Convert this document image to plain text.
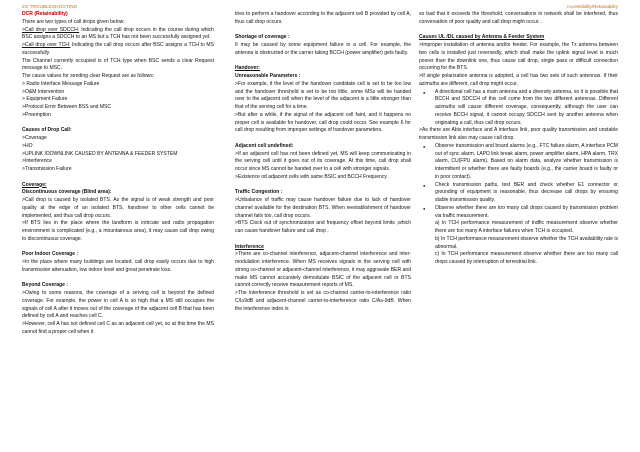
2G TROUBLESHOOTING	Accessibility/Retainability

DCR (Retainability)

There are two types of call drops given below:

>Call drop over SDCCH: Indicating the call drop occurs in the course during which BSC assigns a SDCCH to an MS but a TCH has not been successfully assigned yet.

>Call drop over TCH: Indicating the call drop occurs after BSC assigns a TCH to MS successfully.

The Channel currently occupied is of TCH type when BSC sends a clear Request message to MSC.

The cause values for sending clear Request are as follows:

> Radio Interface Message Failure

>O&M Intervention

> Equipment Failure

>Protocol Error Between BSS and MSC

>Preemption

Causes of Drop Call:

>Coverage

>HO

>UPLINK /DOWNLINK CAUSED BY ANTENNA & FEEDER SYSTEM

>Interference

>Transmission Failure

Coverage:

Discontinuous coverage (Blind area):

>Call drop is caused by isolated BTS. As the signal is of weak strength and poor quality at the edge of an isolated BTS, handover to other cells cannot be implemented, and thus call drop occurs.

>If BTS lies in the place where the landform is intricate and radio propagation environment is complicated (e.g., a mountainous area), it may cause call drop owing to discontinuous coverage.

Poor Indoor Coverage :

>In the place where many buildings are located, call drop easily occurs due to high transmission attenuation, low indoor level and great penetrate loss.

Beyond Coverage :

>Owing to some reasons, the coverage of a serving cell is beyond the defined coverage. For example, the power in cell A is so high that a MS still occupies the signals of cell A after it moves out of the coverage of the adjacent cell B that has been defined by cell A and reaches cell C.

>However, cell A has not defined cell C as an adjacent cell yet, so at this time the MS cannot find a proper cell when it

tries to perform a handover according to the adjacent cell B provided by cell A, thus call drop occurs.

Shortage of coverage :

It may be caused by some equipment failure in a cell. For example, the antenna is obstructed or the carrier taking BCCH (power amplifier) gets faulty.

Handover:

Unreasonable Parameters :

>For example, if the level of the handover candidate cell is set to be too low and the handover threshold is set to be too little, some MSs will be handed over to the adjacent cell when the level of the adjacent is a little stronger than that of the serving cell for a time.

>But after a while, if the signal of the adjacent cell faint, and it happens no proper cell is available for handover, call drop could occur. See example 6 for call drop resulting from improper settings of handover parameters.

Adjacent cell undefined:

>If an adjacent cell has not been defined yet, MS will keep communicating in the serving cell until it goes out of its coverage. At this time, call drop shall occur since MS cannot be handed over to a cell with stronger signals.

>Existence od adjacent cells with same BSIC and BCCH Frequency .

Traffic Congestion :

>Unbalance of traffic may cause handover failure due to lack of handover channel available for the destination BTS. When reestablishment of handover channel fails too, call drop occurs.

>BTS Clock out of synchronization and frequency offset beyond limits ,which can cause handover failure and call drop .

Interference

>There are co-channel interference, adjacent-channel interference and inter-modulation interference. When MS receives signals in the serving cell with strong co-channel or adjacent-channel interference, it may aggravate BER and make MS cannot accurately demodulate BSIC of the adjacent cell or BTS cannot correctly receive measurement reports of MS.

>The interference threshold is set as co-channel carrier-to-interference ratio C/I≥9dB and adjacent-channel carrier-to-interference ratio C/A≥-9dB. When the interference index is

so bad that it exceeds the threshold, conversations in network shall be interfered, thus conversation of poor quality and call drop might occur. .

Causes UL /DL caused by Antenna & Feeder System

>Improper installation of antenna and/or feeder. For example, the Tx antenna between two cells is installed just reversedly, which shall make the uplink signal level is much poorer than the downlink one, thus cause call drop, single pass or difficult connection occurring for the BTS.

>If single polarization antenna is adopted, a cell has two sets of such antennas. If their azimuths are different, call drop might occur.

● A directional cell has a main antenna and a diversity antenna, so it is possible that BCCH and SDCCH of this cell come from the two different antennas. Different azimuths will cause different coverage, consequently, although the user can receive BCCH signal, it cannot occupy SDCCH sent by another antenna when originating a call, thus call drop occurs.

>As there are Abis interface and A interface link, poor quality transmission and unstable transmission link also may cause call drop.

● Observe transmission and board alarms (e.g., FTC failure alarm, A interface PCM out of sync alarm, LAPD link break alarm, power amplifier alarm, HPA alarm, TRX alarm, CU(FPU alarm). Based on alarm data, analyze whether transmission is intermittent or whether there are faulty boards (e.g., the carrier board is faulty or in poor contact).
● Check transmission paths, test BER and check whether E1 connector or grounding of equipment is reasonable, thus decrease call drops by ensuring stable transmission quality.
● Observe whether there are too many call drops caused by transmission problem via traffic measurement.

a) In TCH performance measurement of traffic measurement observe whether there are too many A interface failures when TCH is occupied.

b) In TCH performance measurement observe whether the TCH availability rate is abnormal.

c) In TCH performance measurement observe whether there are too many call drops caused by interruption of terrestrial link.
